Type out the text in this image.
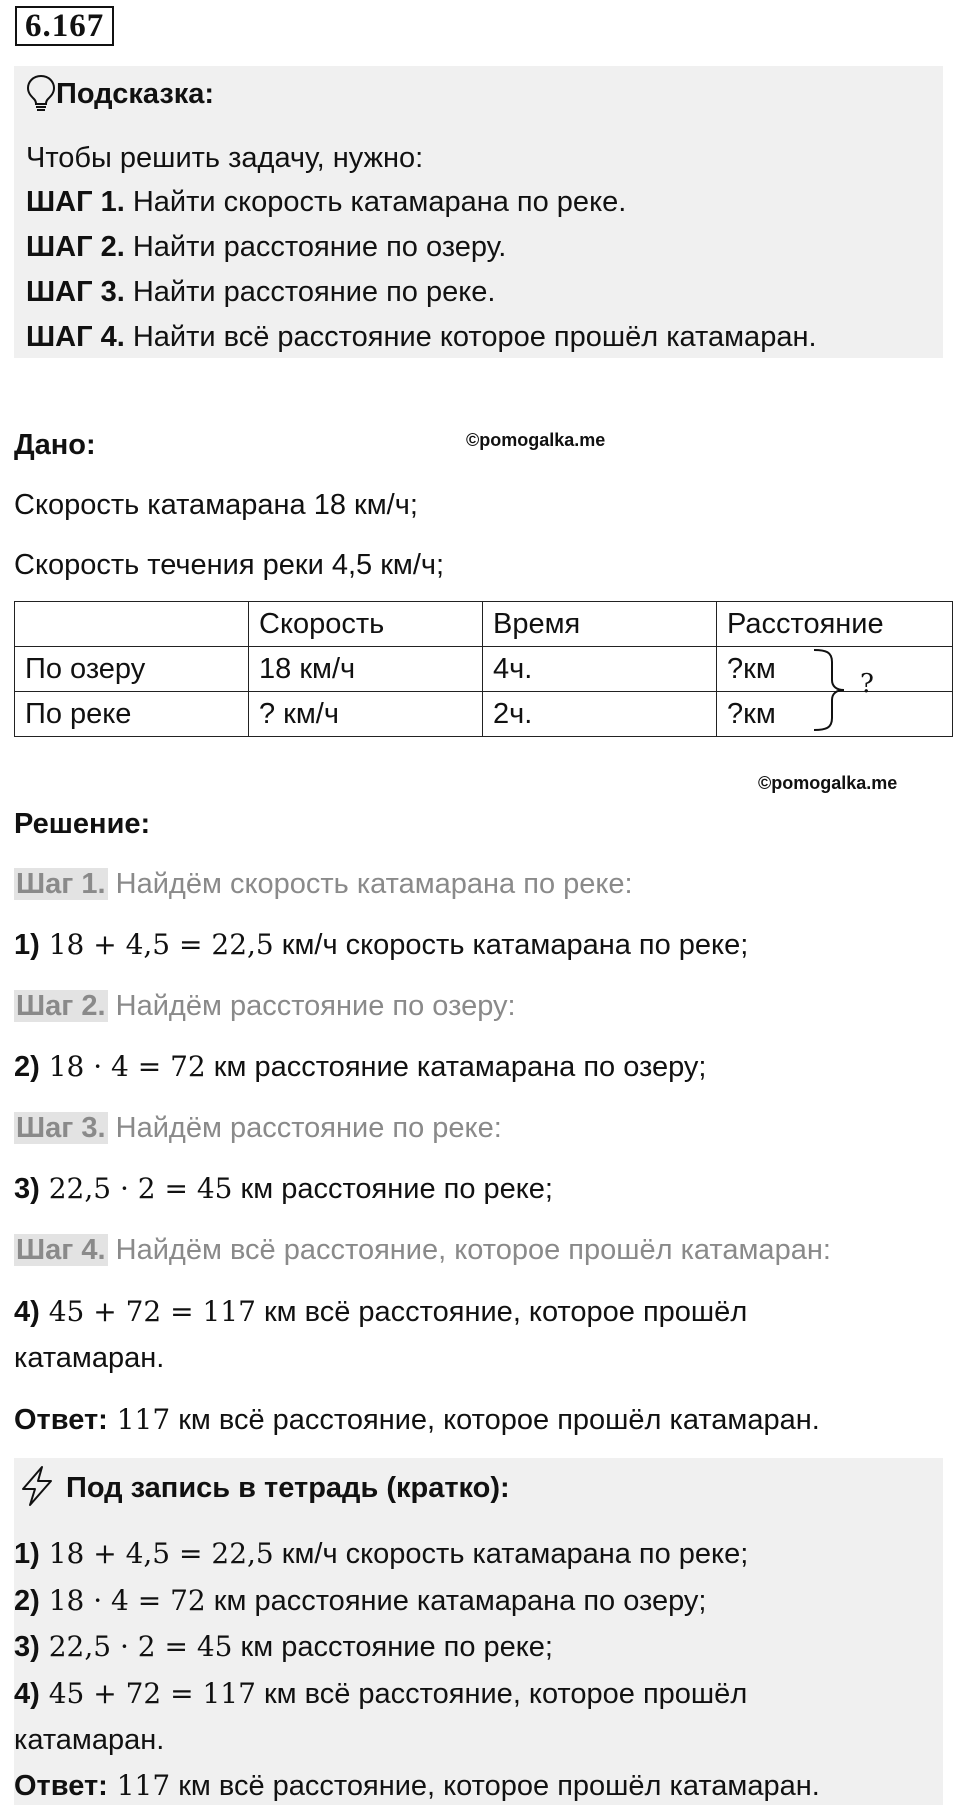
6.167
Подсказка:
Чтобы решить задачу, нужно:
ШАГ 1. Найти скорость катамарана по реке.
ШАГ 2. Найти расстояние по озеру.
ШАГ 3. Найти расстояние по реке.
ШАГ 4. Найти всё расстояние которое прошёл катамаран.
Дано:	©pomogalka.me
Скорость катамарана 18 км/ч;
Скорость течения реки 4,5 км/ч;
	Скорость	Время	Расстояние
По озеру	18 км/ч	4ч.	?км
По реке	? км/ч	2ч.	?км
?
©pomogalka.me
Решение:
Шаг 1. Найдём скорость катамарана по реке:
1) 18 + 4,5 = 22,5 км/ч скорость катамарана по реке;
Шаг 2. Найдём расстояние по озеру:
2) 18 · 4 = 72 км расстояние катамарана по озеру;
Шаг 3. Найдём расстояние по реке:
3) 22,5 · 2 = 45 км расстояние по реке;
Шаг 4. Найдём всё расстояние, которое прошёл катамаран:
4) 45 + 72 = 117 км всё расстояние, которое прошёл
катамаран.
Ответ: 117 км всё расстояние, которое прошёл катамаран.
Под запись в тетрадь (кратко):
1) 18 + 4,5 = 22,5 км/ч скорость катамарана по реке;
2) 18 · 4 = 72 км расстояние катамарана по озеру;
3) 22,5 · 2 = 45 км расстояние по реке;
4) 45 + 72 = 117 км всё расстояние, которое прошёл
катамаран.
Ответ: 117 км всё расстояние, которое прошёл катамаран.
